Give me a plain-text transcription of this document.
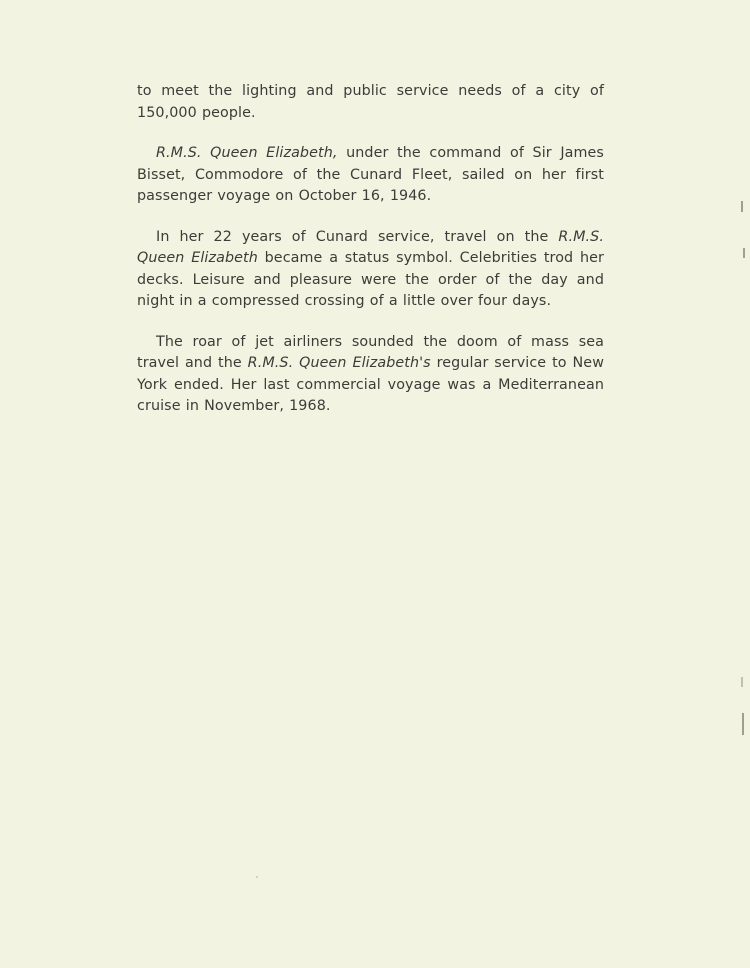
to meet the lighting and public service needs of a city of 150,000 people.

R.M.S. Queen Elizabeth, under the command of Sir James Bisset, Commodore of the Cunard Fleet, sailed on her first passenger voyage on October 16, 1946.

In her 22 years of Cunard service, travel on the R.M.S. Queen Elizabeth became a status symbol. Celebrities trod her decks. Leisure and pleasure were the order of the day and night in a compressed crossing of a little over four days.

The roar of jet airliners sounded the doom of mass sea travel and the R.M.S. Queen Elizabeth's regular service to New York ended. Her last commercial voyage was a Mediterranean cruise in November, 1968.
